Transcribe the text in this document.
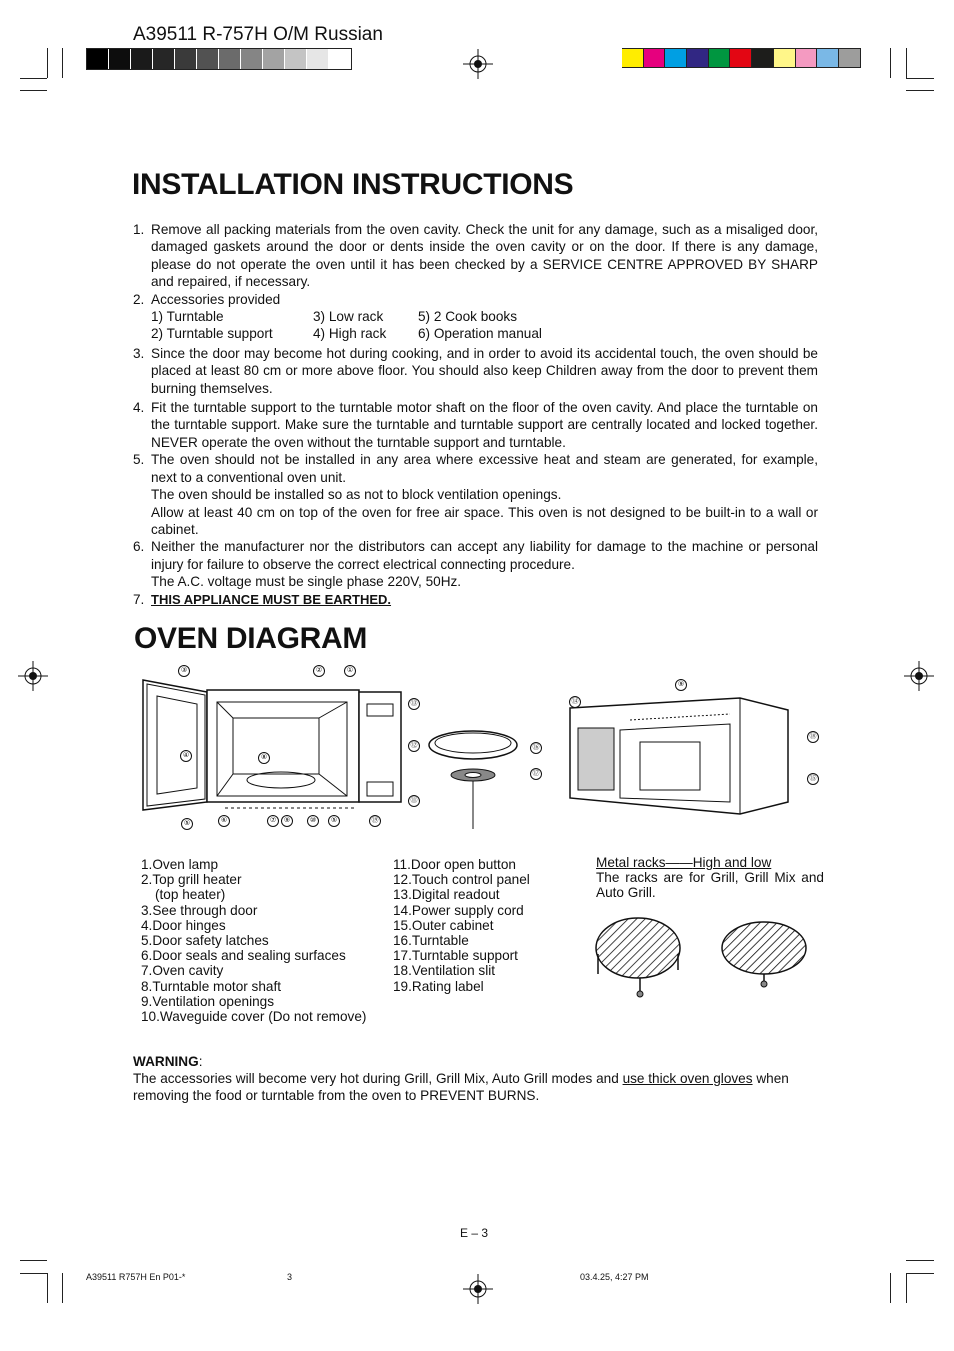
A39511 R-757H O/M Russian
INSTALLATION INSTRUCTIONS
1. Remove all packing materials from the oven cavity. Check the unit for any damage, such as a misaliged door, damaged gaskets around the door or dents inside the oven cavity or on the door. If there is any damage, please do not operate the oven until it has been checked by a SERVICE CENTRE APPROVED BY SHARP and repaired, if necessary.
2. Accessories provided
1) Turntable	3) Low rack	5) 2 Cook books
2) Turntable support	4) High rack	6) Operation manual
3. Since the door may become hot during cooking, and in order to avoid its accidental touch, the oven should be placed at least 80 cm or more above floor. You should also keep Children away from the door to prevent them burning themselves.
4. Fit the turntable support to the turntable motor shaft on the floor of the oven cavity. And place the turntable on the turntable support. Make sure the turntable and turntable support are centrally located and locked together. NEVER operate the oven without the turntable support and turntable.
5. The oven should not be installed in any area where excessive heat and steam are generated, for example, next to a conventional oven unit.
The oven should be installed so as not to block ventilation openings.
Allow at least 40 cm on top of the oven for free air space. This oven is not designed to be built-in to a wall or cabinet.
6. Neither the manufacturer nor the distributors can accept any liability for damage to the machine or personal injury for failure to observe the correct electrical connecting procedure.
The A.C. voltage must be single phase 220V, 50Hz.
7. THIS APPLIANCE MUST BE EARTHED.
OVEN DIAGRAM
③	②	①
④	⑧
⑬
⑫
⑪
⑯
⑰
⑤	⑥	⑦	⑨	⑩	⑤	⑲
⑭
⑨
⑱
⑮
1.Oven lamp
2.Top grill heater
(top heater)
3.See through door
4.Door hinges
5.Door safety latches
6.Door seals and sealing surfaces
7.Oven cavity
8.Turntable motor shaft
9.Ventilation openings
10.Waveguide cover (Do not remove)
11.Door open button
12.Touch control panel
13.Digital readout
14.Power supply cord
15.Outer cabinet
16.Turntable
17.Turntable support
18.Ventilation slit
19.Rating label
Metal racks——High and low
The racks are for Grill, Grill Mix and Auto Grill.
WARNING:
The accessories will become very hot during Grill, Grill Mix, Auto Grill modes and use thick oven gloves when removing the food or turntable from the oven to PREVENT BURNS.
E – 3
A39511 R757H En P01-*	3	03.4.25, 4:27 PM
